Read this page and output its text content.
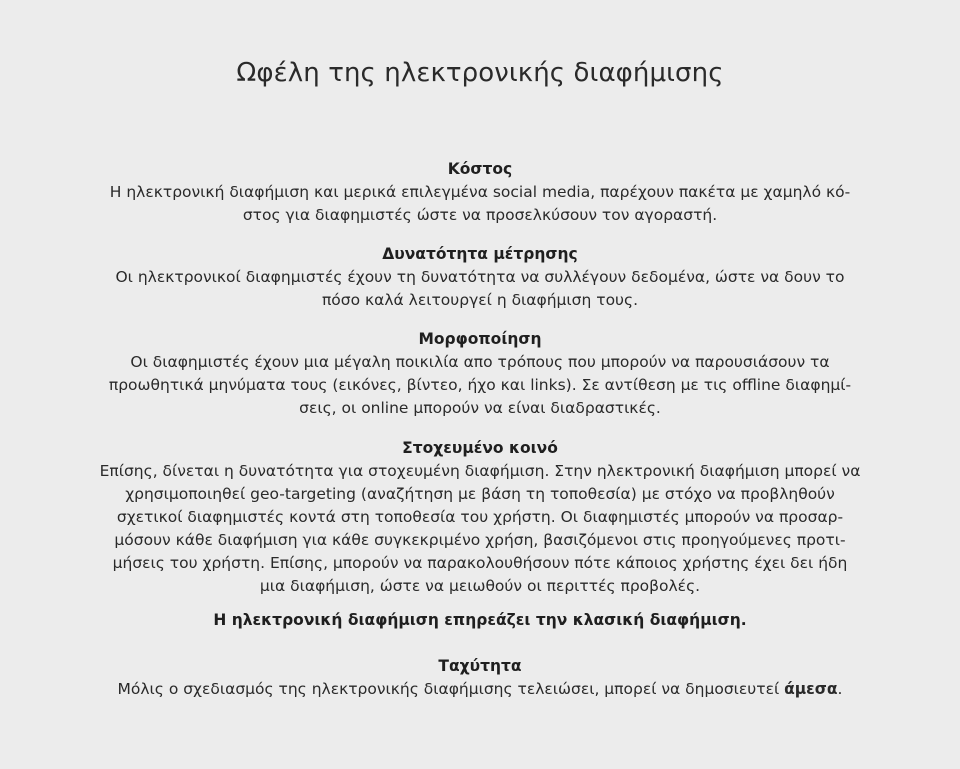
Ωφέλη της ηλεκτρονικής διαφήμισης
Κόστος
Η ηλεκτρονική διαφήμιση και μερικά επιλεγμένα social media, παρέχουν πακέτα με χαμηλό κό-
στος για διαφημιστές ώστε να προσελκύσουν τον αγοραστή.
Δυνατότητα μέτρησης
Οι ηλεκτρονικοί διαφημιστές έχουν τη δυνατότητα να συλλέγουν δεδομένα, ώστε να δουν το
πόσο καλά λειτουργεί η διαφήμιση τους.
Μορφοποίηση
Οι διαφημιστές έχουν μια μέγαλη ποικιλία απο τρόπους που μπορούν να παρουσιάσουν τα
προωθητικά μηνύματα τους (εικόνες, βίντεο, ήχο και links). Σε αντίθεση με τις offline διαφημί-
σεις, οι online μπορούν να είναι διαδραστικές.
Στοχευμένο κοινό
Επίσης, δίνεται η δυνατότητα για στοχευμένη διαφήμιση. Στην ηλεκτρονική διαφήμιση μπορεί να
χρησιμοποιηθεί geo-targeting (αναζήτηση με βάση τη τοποθεσία) με στόχο να προβληθούν
σχετικοί διαφημιστές κοντά στη τοποθεσία του χρήστη. Οι διαφημιστές μπορούν να προσαρ-
μόσουν κάθε διαφήμιση για κάθε συγκεκριμένο χρήση, βασιζόμενοι στις προηγούμενες προτι-
μήσεις του χρήστη. Επίσης, μπορούν να παρακολουθήσουν πότε κάποιος χρήστης έχει δει ήδη
μια διαφήμιση, ώστε να μειωθούν οι περιττές προβολές.
Η ηλεκτρονική διαφήμιση επηρεάζει την κλασική διαφήμιση.
Ταχύτητα
Μόλις ο σχεδιασμός της ηλεκτρονικής διαφήμισης τελειώσει, μπορεί να δημοσιευτεί άμεσα.
